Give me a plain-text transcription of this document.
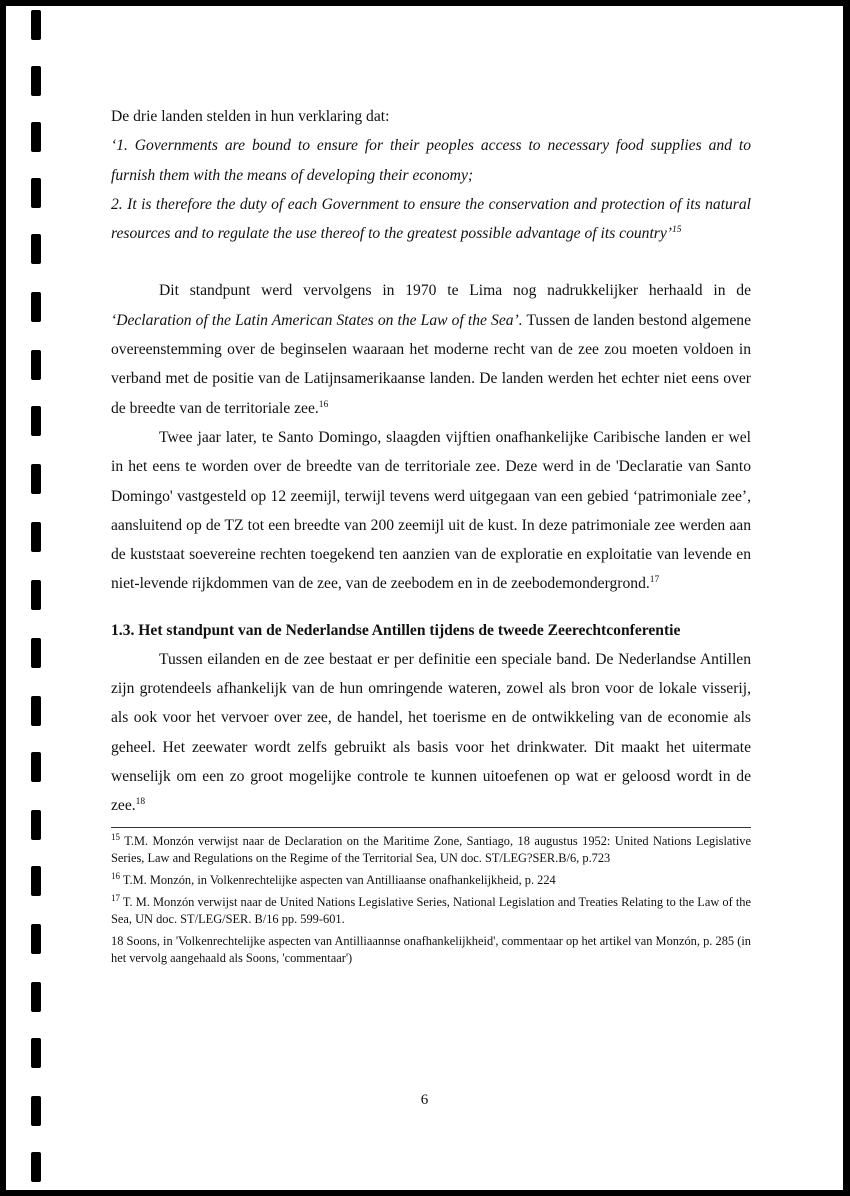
De drie landen stelden in hun verklaring dat:

‘1. Governments are bound to ensure for their peoples access to necessary food supplies and to furnish them with the means of developing their economy;

2. It is therefore the duty of each Government to ensure the conservation and protection of its natural resources and to regulate the use thereof to the greatest possible advantage of its country’$^{15}$

Dit standpunt werd vervolgens in 1970 te Lima nog nadrukkelijker herhaald in de ‘Declaration of the Latin American States on the Law of the Sea’. Tussen de landen bestond algemene overeenstemming over de beginselen waaraan het moderne recht van de zee zou moeten voldoen in verband met de positie van de Latijnsamerikaanse landen. De landen werden het echter niet eens over de breedte van de territoriale zee.$^{16}$

Twee jaar later, te Santo Domingo, slaagden vijftien onafhankelijke Caribische landen er wel in het eens te worden over de breedte van de territoriale zee. Deze werd in de 'Declaratie van Santo Domingo' vastgesteld op 12 zeemijl, terwijl tevens werd uitgegaan van een gebied ‘patrimoniale zee’, aansluitend op de TZ tot een breedte van 200 zeemijl uit de kust. In deze patrimoniale zee werden aan de kuststaat soevereine rechten toegekend ten aanzien van de exploratie en exploitatie van levende en niet-levende rijkdommen van de zee, van de zeebodem en in de zeebodemondergrond.$^{17}$

1.3. Het standpunt van de Nederlandse Antillen tijdens de tweede Zeerechtconferentie

Tussen eilanden en de zee bestaat er per definitie een speciale band. De Nederlandse Antillen zijn grotendeels afhankelijk van de hun omringende wateren, zowel als bron voor de lokale visserij, als ook voor het vervoer over zee, de handel, het toerisme en de ontwikkeling van de economie als geheel. Het zeewater wordt zelfs gebruikt als basis voor het drinkwater. Dit maakt het uitermate wenselijk om een zo groot mogelijke controle te kunnen uitoefenen op wat er geloosd wordt in de zee.$^{18}$

$^{15}$ T.M. Monzón verwijst naar de Declaration on the Maritime Zone, Santiago, 18 augustus 1952: United Nations Legislative Series, Law and Regulations on the Regime of the Territorial Sea, UN doc. ST/LEG?SER.B/6, p.723

$^{16}$ T.M. Monzón, in Volkenrechtelijke aspecten van Antilliaanse onafhankelijkheid, p. 224

$^{17}$ T. M. Monzón verwijst naar de United Nations Legislative Series, National Legislation and Treaties Relating to the Law of the Sea, UN doc. ST/LEG/SER. B/16 pp. 599-601.

18 Soons, in 'Volkenrechtelijke aspecten van Antilliaannse onafhankelijkheid', commentaar op het artikel van Monzón, p. 285 (in het vervolg aangehaald als Soons, 'commentaar')

6
